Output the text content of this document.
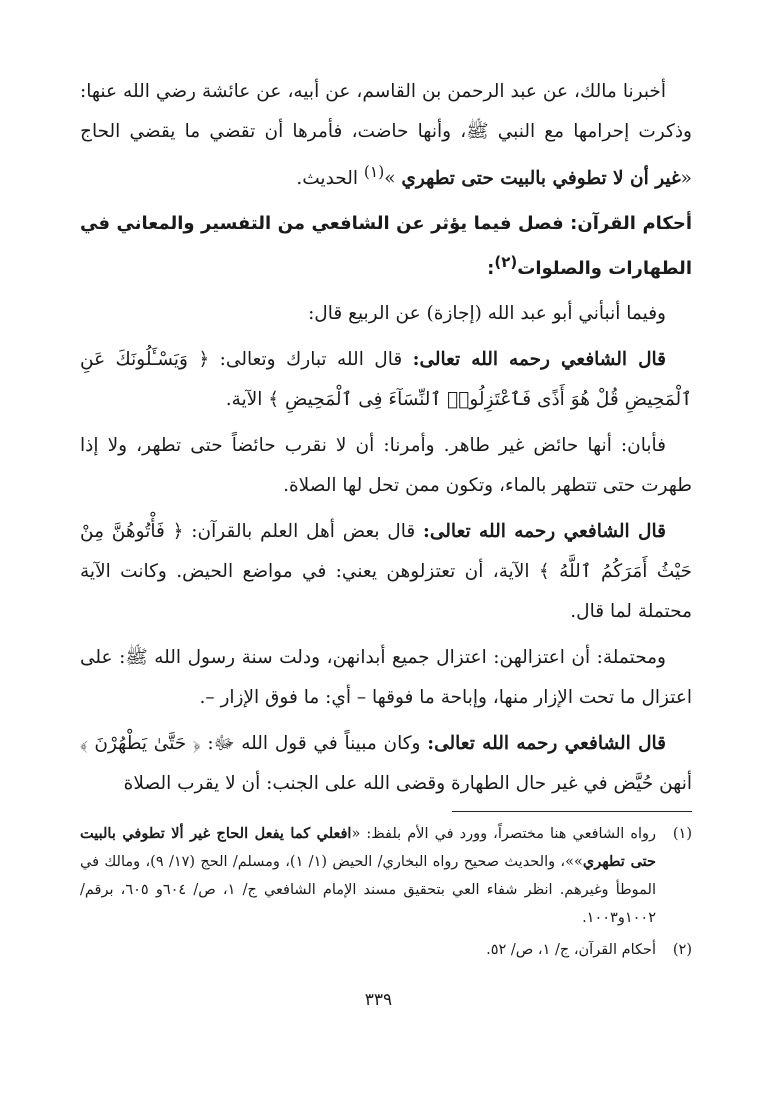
أخبرنا مالك، عن عبد الرحمن بن القاسم، عن أبيه، عن عائشة رضي الله عنها: وذكرت إحرامها مع النبي ﷺ، وأنها حاضت، فأمرها أن تقضي ما يقضي الحاج «غير أن لا تطوفي بالبيت حتى تطهري »$^{(١)}$ الحديث.

أحكام القرآن: فصل فيما يؤثر عن الشافعي من التفسير والمعاني في الطهارات والصلوات$^{(٢)}$:

وفيما أنبأني أبو عبد الله (إجازة) عن الربيع قال:

قال الشافعي رحمه الله تعالى: قال الله تبارك وتعالى: ﴿ وَيَسْـَٔلُونَكَ عَنِ ٱلْمَحِيضِ قُلْ هُوَ أَذًى فَٱعْتَزِلُوا۟ ٱلنِّسَآءَ فِى ٱلْمَحِيضِ ﴾ الآية.

فأبان: أنها حائض غير طاهر. وأمرنا: أن لا نقرب حائضاً حتى تطهر، ولا إذا طهرت حتى تتطهر بالماء، وتكون ممن تحل لها الصلاة.

قال الشافعي رحمه الله تعالى: قال بعض أهل العلم بالقرآن: ﴿ فَأْتُوهُنَّ مِنْ حَيْثُ أَمَرَكُمُ ٱللَّهُ ﴾ الآية، أن تعتزلوهن يعني: في مواضع الحيض. وكانت الآية محتملة لما قال.

ومحتملة: أن اعتزالهن: اعتزال جميع أبدانهن، ودلت سنة رسول الله ﷺ: على اعتزال ما تحت الإزار منها، وإباحة ما فوقها – أي: ما فوق الإزار –.

قال الشافعي رحمه الله تعالى: وكان مبيناً في قول الله ﷻ: ﴿ حَتَّىٰ يَطْهُرْنَ ﴾ أنهن حُيَّض في غير حال الطهارة وقضى الله على الجنب: أن لا يقرب الصلاة

(١)
رواه الشافعي هنا مختصراً، وورد في الأم بلفظ: «افعلي كما يفعل الحاج غير ألا تطوفي بالبيت حتى تطهري»»، والحديث صحيح رواه البخاري/ الحيض (١/ ١)، ومسلم/ الحج (١٧/ ٩)، ومالك في الموطأ وغيرهم. انظر شفاء العي بتحقيق مسند الإمام الشافعي ج/ ١، ص/ ٦٠٤و ٦٠٥، برقم/ ١٠٠٢و١٠٠٣.

(٢)
أحكام القرآن، ج/ ١، ص/ ٥٢.

٣٣٩
